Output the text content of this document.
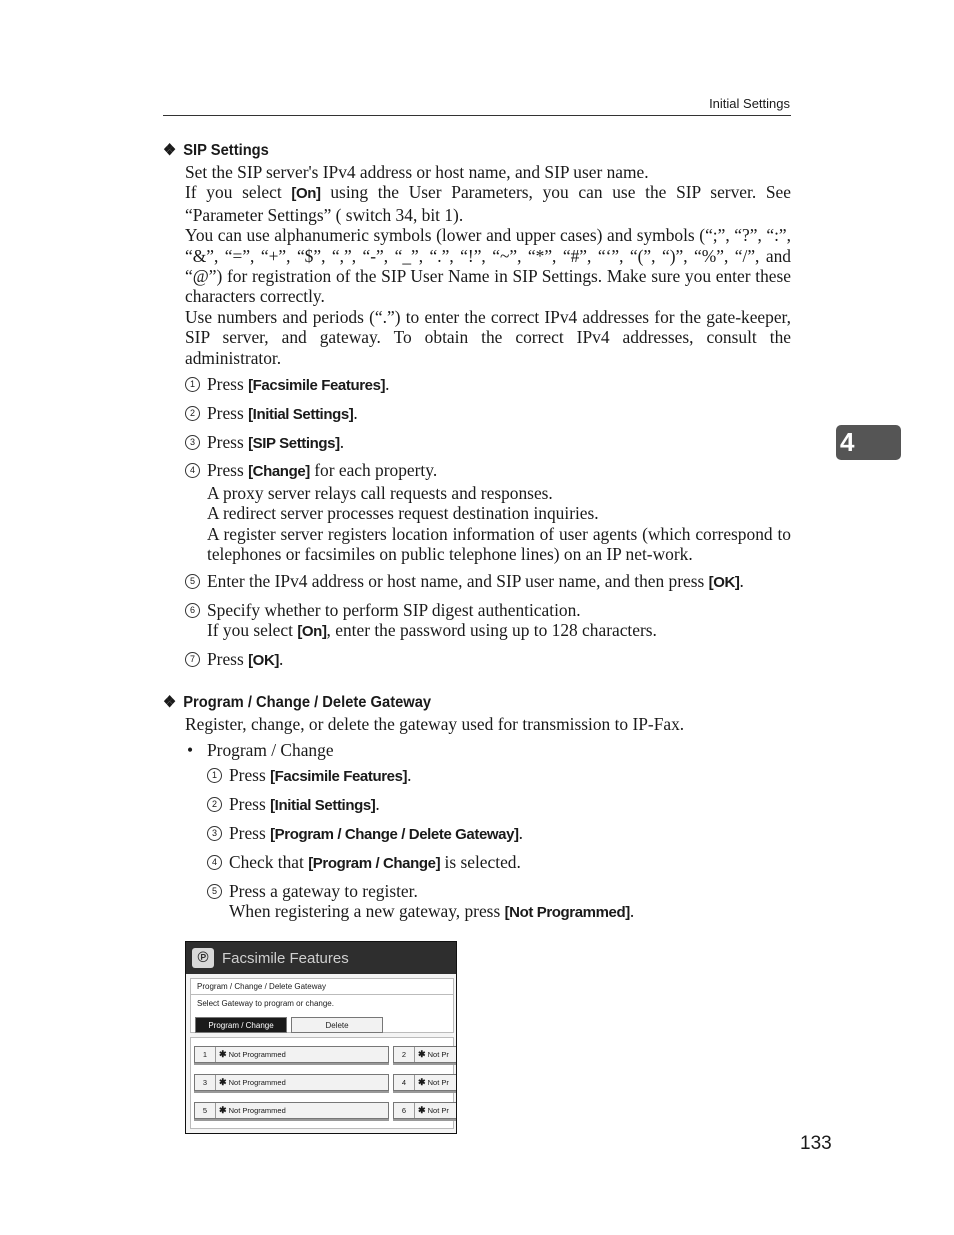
Initial Settings
4
133
❖ SIP Settings

Set the SIP server's IPv4 address or host name, and SIP user name.

If you select [On] using the User Parameters, you can use the SIP server. See “Parameter Settings” ( switch 34, bit 1).

You can use alphanumeric symbols (lower and upper cases) and symbols (“;”, “?”, “:”, “&”, “=”, “+”, “$”, “,”, “-”, “_”, “.”, “!”, “~”, “*”, “#”, “‘”, “(”, “)”, “%”, “/”, and “@”) for registration of the SIP User Name in SIP Settings. Make sure you enter these characters correctly.

Use numbers and periods (“.”) to enter the correct IPv4 addresses for the gate-keeper, SIP server, and gateway. To obtain the correct IPv4 addresses, consult the administrator.

1 Press [Facsimile Features].
2 Press [Initial Settings].
3 Press [SIP Settings].
4 Press [Change] for each property.
A proxy server relays call requests and responses.
A redirect server processes request destination inquiries.
A register server registers location information of user agents (which correspond to telephones or facsimiles on public telephone lines) on an IP net-work.
5 Enter the IPv4 address or host name, and SIP user name, and then press [OK].
6 Specify whether to perform SIP digest authentication.
If you select [On], enter the password using up to 128 characters.
7 Press [OK].
❖ Program / Change / Delete Gateway

Register, change, or delete the gateway used for transmission to IP-Fax.

• Program / Change
1 Press [Facsimile Features].
2 Press [Initial Settings].
3 Press [Program / Change / Delete Gateway].
4 Check that [Program / Change] is selected.
5 Press a gateway to register.
When registering a new gateway, press [Not Programmed].
℗ Facsimile Features
Program / Change / Delete Gateway
Select Gateway to program or change.
Program / Change	Delete
1 ✱ Not Programmed	2 ✱ Not Pr
3 ✱ Not Programmed	4 ✱ Not Pr
5 ✱ Not Programmed	6 ✱ Not Pr
